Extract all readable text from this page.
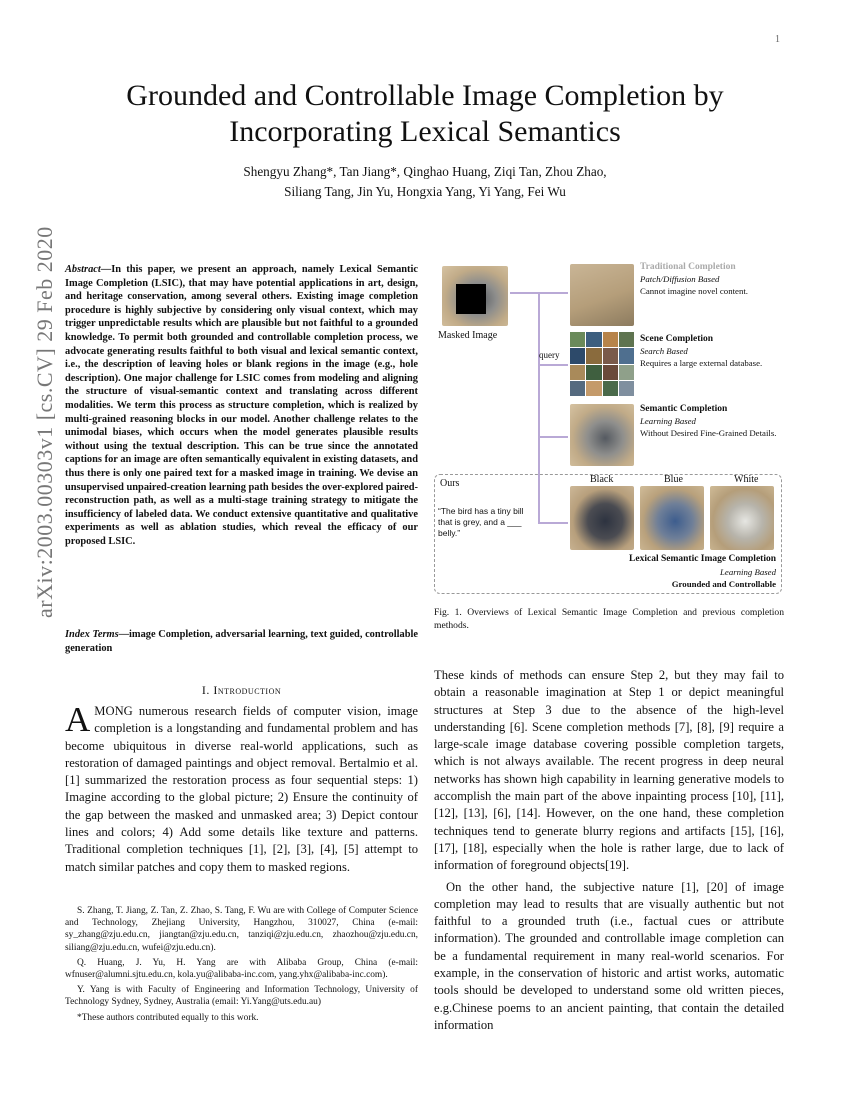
1
arXiv:2003.00303v1 [cs.CV] 29 Feb 2020
Grounded and Controllable Image Completion by Incorporating Lexical Semantics
Shengyu Zhang*, Tan Jiang*, Qinghao Huang, Ziqi Tan, Zhou Zhao,
Siliang Tang, Jin Yu, Hongxia Yang, Yi Yang, Fei Wu
Abstract—In this paper, we present an approach, namely Lexical Semantic Image Completion (LSIC), that may have potential applications in art, design, and heritage conservation, among several others. Existing image completion procedure is highly subjective by considering only visual context, which may trigger unpredictable results which are plausible but not faithful to a grounded knowledge. To permit both grounded and controllable completion process, we advocate generating results faithful to both visual and lexical semantic context, i.e., the description of leaving holes or blank regions in the image (e.g., hole description). One major challenge for LSIC comes from modeling and aligning the structure of visual-semantic context and translating across different modalities. We term this process as structure completion, which is realized by multi-grained reasoning blocks in our model. Another challenge relates to the unimodal biases, which occurs when the model generates plausible results without using the textual description. This can be true since the annotated captions for an image are often semantically equivalent in existing datasets, and thus there is only one paired text for a masked image in training. We devise an unsupervised unpaired-creation learning path besides the over-explored paired-reconstruction path, as well as a multi-stage training strategy to mitigate the insufficiency of labeled data. We conduct extensive quantitative and qualitative experiments as well as ablation studies, which reveal the efficacy of our proposed LSIC.
Index Terms—image Completion, adversarial learning, text guided, controllable generation
I. Introduction
AMONG numerous research fields of computer vision, image completion is a longstanding and fundamental problem and has become ubiquitous in diverse real-world applications, such as restoration of damaged paintings and object removal. Bertalmio et al.[1] summarized the restoration process as four sequential steps: 1) Imagine according to the global picture; 2) Ensure the continuity of the gap between the masked and unmasked area; 3) Depict contour lines and colors; 4) Add some details like texture and patterns. Traditional completion techniques [1], [2], [3], [4], [5] attempt to match similar patches and copy them to masked regions.

S. Zhang, T. Jiang, Z. Tan, Z. Zhao, S. Tang, F. Wu are with College of Computer Science and Technology, Zhejiang University, Hangzhou, 310027, China (e-mail: sy_zhang@zju.edu.cn, jiangtan@zju.edu.cn, tanziqi@zju.edu.cn, zhaozhou@zju.edu.cn, siliang@zju.edu.cn, wufei@zju.edu.cn).

Q. Huang, J. Yu, H. Yang are with Alibaba Group, China (e-mail: wfnuser@alumni.sjtu.edu.cn, kola.yu@alibaba-inc.com, yang.yhx@alibaba-inc.com).

Y. Yang is with Faculty of Engineering and Information Technology, University of Technology Sydney, Sydney, Australia (email: Yi.Yang@uts.edu.au)

*These authors contributed equally to this work.

Masked Image
query
Traditional Completion
Patch/Diffusion Based
Cannot imagine novel content.
Scene Completion
Search Based
Requires a large external database.
Semantic Completion
Learning Based
Without Desired Fine-Grained Details.
Ours
“The bird has a tiny bill that is grey, and a ___ belly.”
Black	Blue	White
Lexical Semantic Image Completion
Learning Based
Grounded and Controllable
Fig. 1. Overviews of Lexical Semantic Image Completion and previous completion methods.

These kinds of methods can ensure Step 2, but they may fail to obtain a reasonable imagination at Step 1 or depict meaningful structures at Step 3 due to the absence of the high-level understanding [6]. Scene completion methods [7], [8], [9] require a large-scale image database covering possible completion targets, which is not always available. The recent progress in deep neural networks has shown high capability in learning generative models to accomplish the main part of the above inpainting process [10], [11], [12], [13], [6], [14]. However, on the one hand, these completion techniques tend to generate blurry regions and artifacts [15], [16], [17], [18], especially when the hole is rather large, due to lack of information of foreground objects[19].

On the other hand, the subjective nature [1], [20] of image completion may lead to results that are visually authentic but not faithful to a grounded truth (i.e., factual cues or attribute information). The grounded and controllable image completion can be a fundamental requirement in many real-world scenarios. For example, in the conservation of historic and artist works, automatic tools should be developed to understand some old written pieces, e.g.Chinese poems to an ancient painting, that contain the detailed information
